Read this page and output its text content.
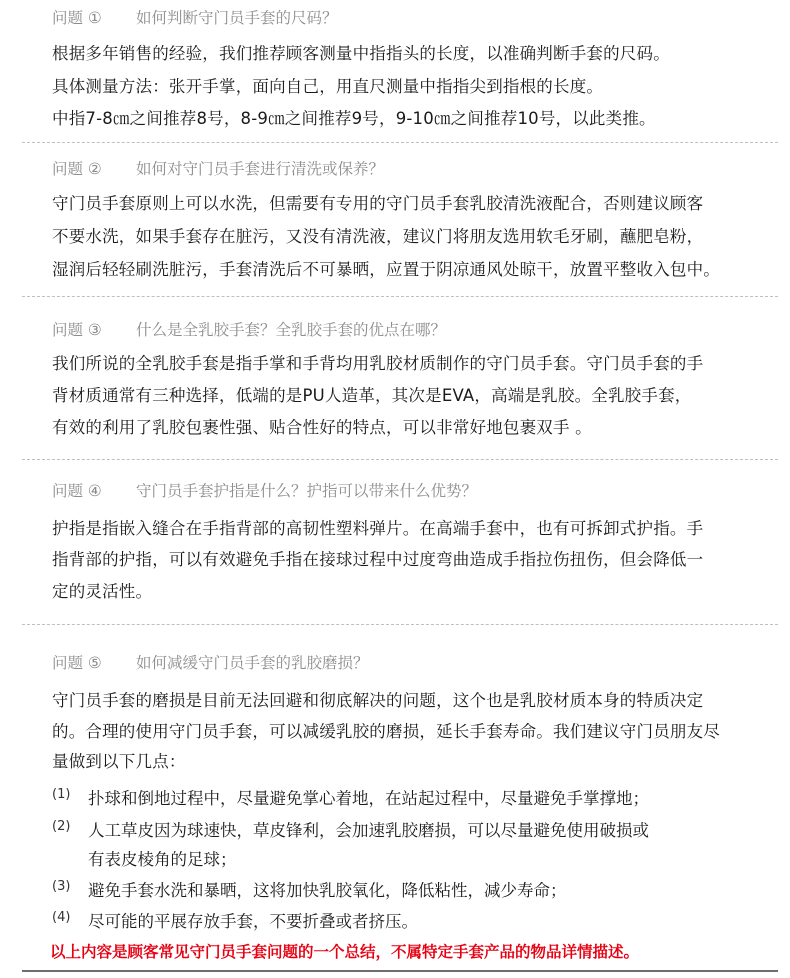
问题 ① 如何判断守门员手套的尺码？
根据多年销售的经验，我们推荐顾客测量中指指头的长度，以准确判断手套的尺码。
具体测量方法：张开手掌，面向自己，用直尺测量中指指尖到指根的长度。
中指7-8㎝之间推荐8号，8-9㎝之间推荐9号，9-10㎝之间推荐10号，以此类推。
问题 ② 如何对守门员手套进行清洗或保养？
守门员手套原则上可以水洗，但需要有专用的守门员手套乳胶清洗液配合，否则建议顾客
不要水洗，如果手套存在脏污，又没有清洗液，建议门将朋友选用软毛牙刷，蘸肥皂粉，
湿润后轻轻刷洗脏污，手套清洗后不可暴晒，应置于阴凉通风处晾干，放置平整收入包中。
问题 ③ 什么是全乳胶手套？全乳胶手套的优点在哪？
我们所说的全乳胶手套是指手掌和手背均用乳胶材质制作的守门员手套。守门员手套的手
背材质通常有三种选择，低端的是PU人造革，其次是EVA，高端是乳胶。全乳胶手套，
有效的利用了乳胶包裹性强、贴合性好的特点，可以非常好地包裹双手 。
问题 ④ 守门员手套护指是什么？护指可以带来什么优势？
护指是指嵌入缝合在手指背部的高韧性塑料弹片。在高端手套中，也有可拆卸式护指。手
指背部的护指，可以有效避免手指在接球过程中过度弯曲造成手指拉伤扭伤，但会降低一
定的灵活性。
问题 ⑤ 如何减缓守门员手套的乳胶磨损？
守门员手套的磨损是目前无法回避和彻底解决的问题，这个也是乳胶材质本身的特质决定
的。合理的使用守门员手套，可以减缓乳胶的磨损，延长手套寿命。我们建议守门员朋友尽
量做到以下几点：
(1) 扑球和倒地过程中，尽量避免掌心着地，在站起过程中，尽量避免手掌撑地；
(2) 人工草皮因为球速快，草皮锋利，会加速乳胶磨损，可以尽量避免使用破损或
有表皮棱角的足球；
(3) 避免手套水洗和暴晒，这将加快乳胶氧化，降低粘性，减少寿命；
(4) 尽可能的平展存放手套，不要折叠或者挤压。
以上内容是顾客常见守门员手套问题的一个总结，不属特定手套产品的物品详情描述。
